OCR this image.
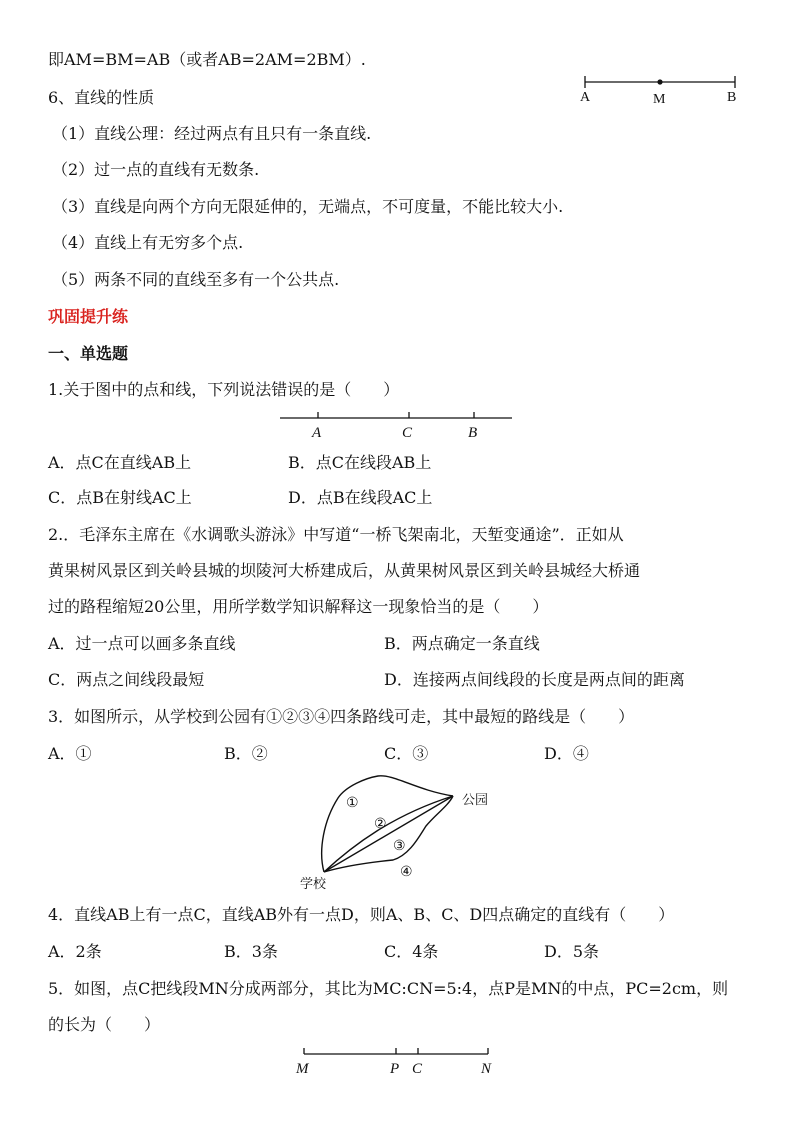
即AM=BM=AB（或者AB=2AM=2BM）.
A	M	B
6、直线的性质
（1）直线公理：经过两点有且只有一条直线.
（2）过一点的直线有无数条.
（3）直线是向两个方向无限延伸的，无端点，不可度量，不能比较大小.
（4）直线上有无穷多个点.
（5）两条不同的直线至多有一个公共点.
巩固提升练
一、单选题
1.关于图中的点和线，下列说法错误的是（　　）
A	C	B
A．点C在直线AB上	B．点C在线段AB上
C．点B在射线AC上	D．点B在线段AC上
2.．毛泽东主席在《水调歌头游泳》中写道“一桥飞架南北，天堑变通途”．正如从
黄果树风景区到关岭县城的坝陵河大桥建成后，从黄果树风景区到关岭县城经大桥通
过的路程缩短20公里，用所学数学知识解释这一现象恰当的是（　　）
A．过一点可以画多条直线	B．两点确定一条直线
C．两点之间线段最短	D．连接两点间线段的长度是两点间的距离
3．如图所示，从学校到公园有①②③④四条路线可走，其中最短的路线是（　　）
A．①	B．②	C．③	D．④
①
②
③
④
公园
学校
4．直线AB上有一点C，直线AB外有一点D，则A、B、C、D四点确定的直线有（　　）
A．2条	B．3条	C．4条	D．5条
5．如图，点C把线段MN分成两部分，其比为MC:CN=5:4，点P是MN的中点，PC=2cm，则
的长为（　　）
M	P C	N
